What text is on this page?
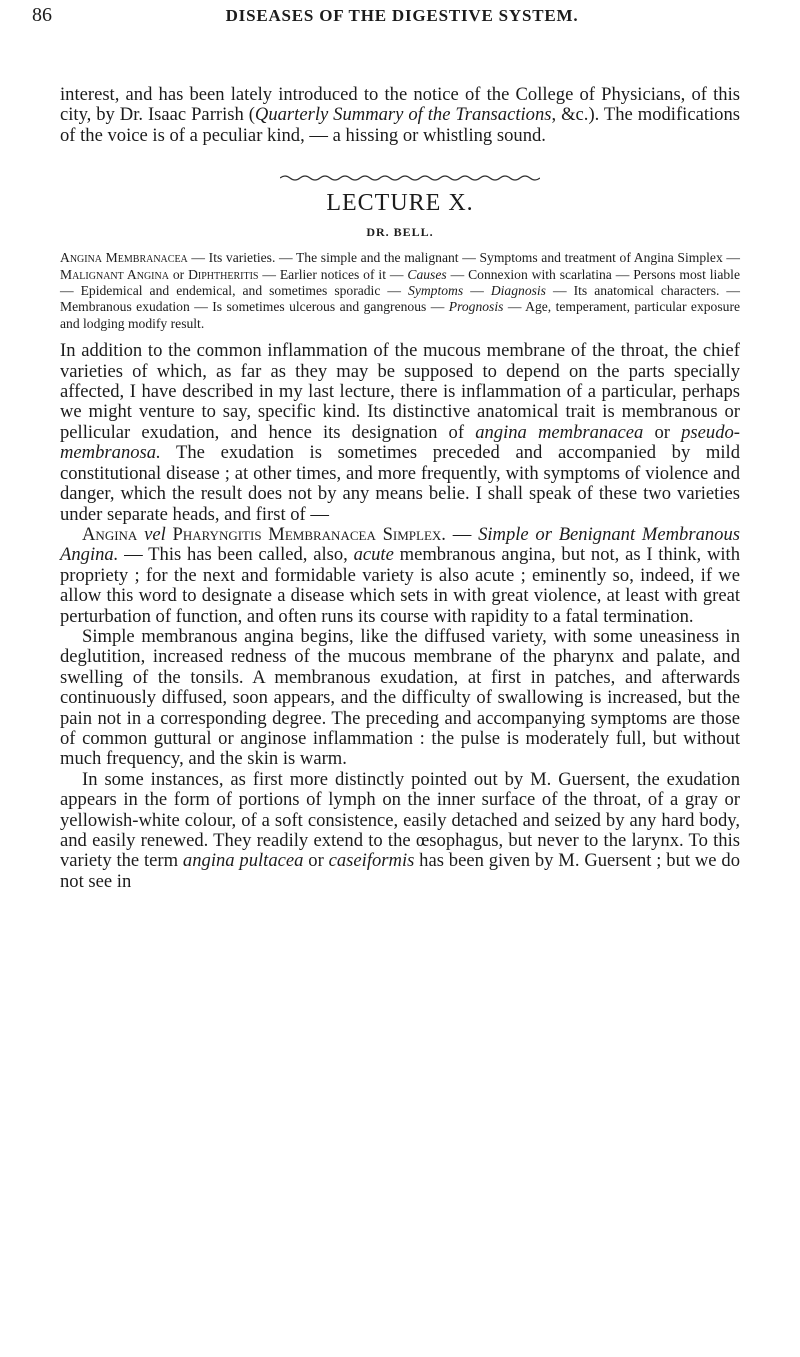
86	DISEASES OF THE DIGESTIVE SYSTEM.

interest, and has been lately introduced to the notice of the College of Physicians, of this city, by Dr. Isaac Parrish (Quarterly Summary of the Transactions, &c.). The modifications of the voice is of a peculiar kind, — a hissing or whistling sound.

LECTURE X.
DR. BELL.

Angina Membranacea — Its varieties. — The simple and the malignant — Symptoms and treatment of Angina Simplex — Malignant Angina or Diphtheritis — Earlier notices of it — Causes — Connexion with scarlatina — Persons most liable — Epidemical and endemical, and sometimes sporadic — Symptoms — Diagnosis — Its anatomical characters. — Membranous exudation — Is sometimes ulcerous and gangrenous — Prognosis — Age, temperament, particular exposure and lodging modify result.

In addition to the common inflammation of the mucous membrane of the throat, the chief varieties of which, as far as they may be supposed to depend on the parts specially affected, I have described in my last lecture, there is inflammation of a particular, perhaps we might venture to say, specific kind. Its distinctive anatomical trait is membranous or pellicular exudation, and hence its designation of angina membranacea or pseudo-membranosa. The exudation is sometimes preceded and accompanied by mild constitutional disease ; at other times, and more frequently, with symptoms of violence and danger, which the result does not by any means belie. I shall speak of these two varieties under separate heads, and first of —

Angina vel Pharyngitis Membranacea Simplex. — Simple or Benignant Membranous Angina. — This has been called, also, acute membranous angina, but not, as I think, with propriety ; for the next and formidable variety is also acute ; eminently so, indeed, if we allow this word to designate a disease which sets in with great violence, at least with great perturbation of function, and often runs its course with rapidity to a fatal termination.

Simple membranous angina begins, like the diffused variety, with some uneasiness in deglutition, increased redness of the mucous membrane of the pharynx and palate, and swelling of the tonsils. A membranous exudation, at first in patches, and afterwards continuously diffused, soon appears, and the difficulty of swallowing is increased, but the pain not in a corresponding degree. The preceding and accompanying symptoms are those of common guttural or anginose inflammation : the pulse is moderately full, but without much frequency, and the skin is warm.

In some instances, as first more distinctly pointed out by M. Guersent, the exudation appears in the form of portions of lymph on the inner surface of the throat, of a gray or yellowish-white colour, of a soft consistence, easily detached and seized by any hard body, and easily renewed. They readily extend to the œsophagus, but never to the larynx. To this variety the term angina pultacea or caseiformis has been given by M. Guersent ; but we do not see in
